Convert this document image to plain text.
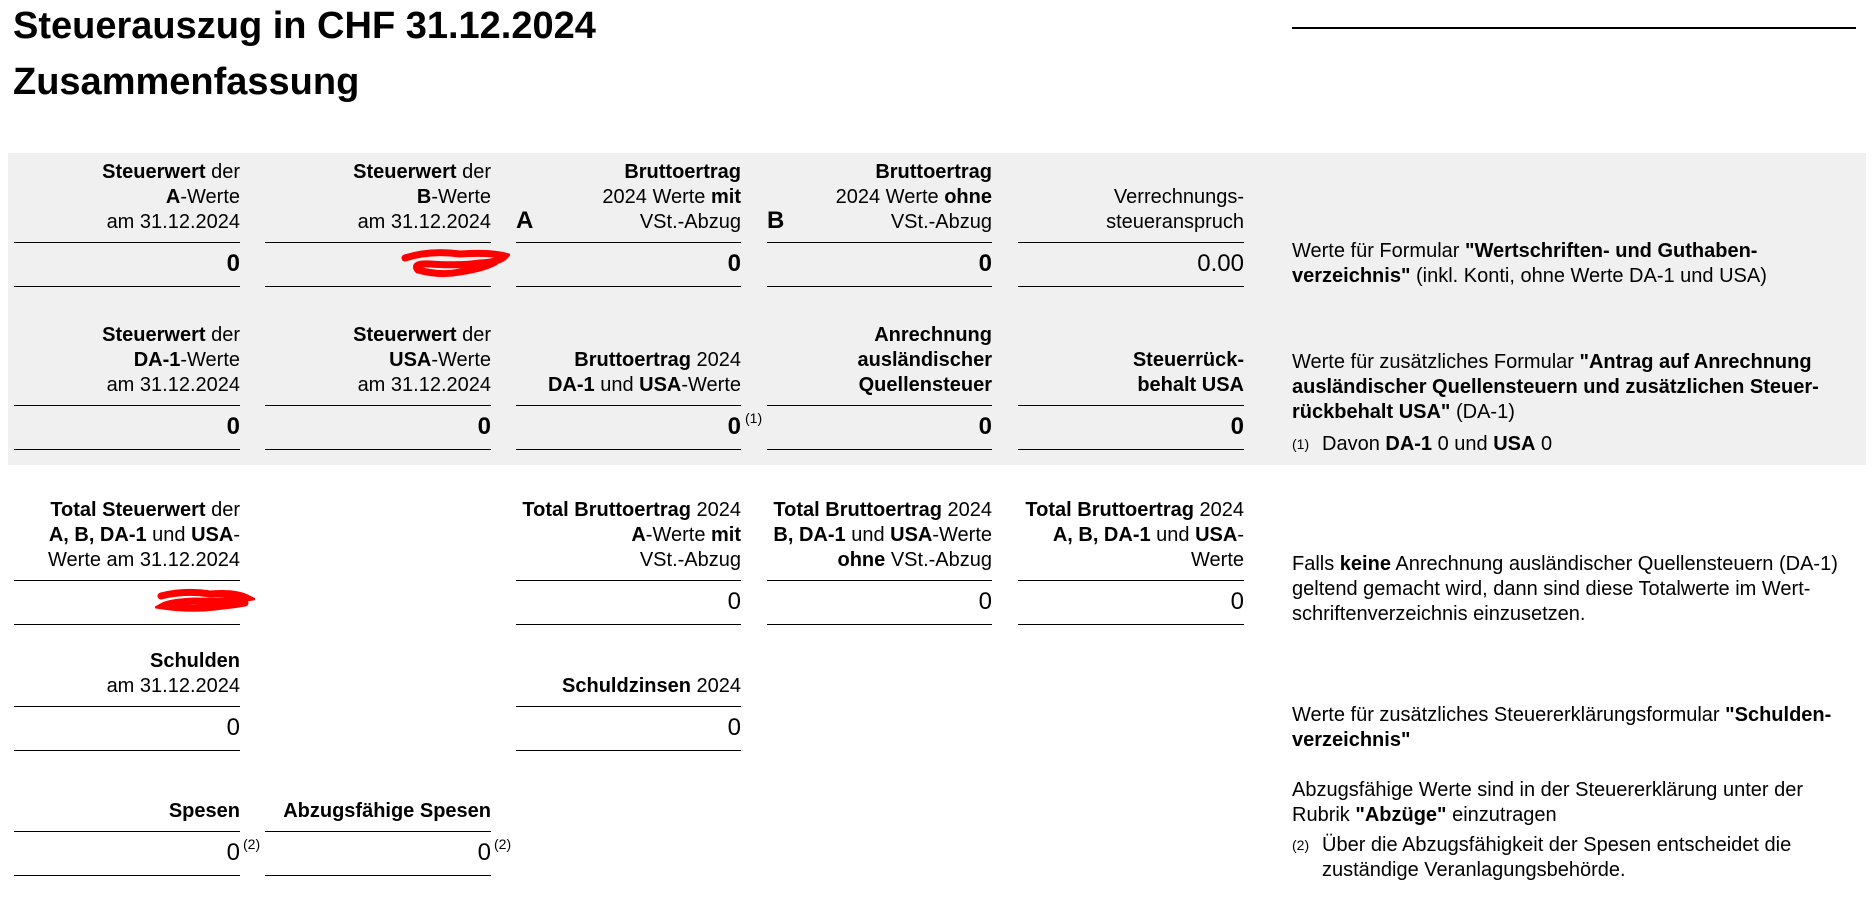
Steuerauszug in CHF 31.12.2024
Zusammenfassung
Steuerwert der
A-Werte
am 31.12.2024
0
Steuerwert der
B-Werte
am 31.12.2024 A
Bruttoertrag
2024 Werte mit
VSt.-Abzug
0
B
Bruttoertrag
2024 Werte ohne
VSt.-Abzug
0
Verrechnungs-
steueranspruch
0.00 Werte für Formular "Wertschriften- und Guthaben-verzeichnis" (inkl. Konti, ohne Werte DA-1 und USA)
Steuerwert der
DA-1-Werte
am 31.12.2024
0
Steuerwert der
USA-Werte
am 31.12.2024
0
Bruttoertrag 2024
DA-1 und USA-Werte
0 (1)
Anrechnung
ausländischer
Quellensteuer
0
Steuerrück-
behalt USA
0
Werte für zusätzliches Formular "Antrag auf Anrechnung ausländischer Quellensteuern und zusätzlichen Steuer-rückbehalt USA" (DA-1)
(1) Davon DA-1 0 und USA 0
Total Steuerwert der
A, B, DA-1 und USA-
Werte am 31.12.2024
Total Bruttoertrag 2024
A-Werte mit
VSt.-Abzug
0
Total Bruttoertrag 2024
B, DA-1 und USA-Werte
ohne VSt.-Abzug
0
Total Bruttoertrag 2024
A, B, DA-1 und USA-
Werte
0
Falls keine Anrechnung ausländischer Quellensteuern (DA-1) geltend gemacht wird, dann sind diese Totalwerte im Wert-schriftenverzeichnis einzusetzen.
Schulden
am 31.12.2024
0
Schuldzinsen 2024
0	Werte für zusätzliches Steuererklärungsformular "Schulden-verzeichnis"
Spesen
0 (2)
Abzugsfähige Spesen
0 (2)
Abzugsfähige Werte sind in der Steuererklärung unter der Rubrik "Abzüge" einzutragen
(2) Über die Abzugsfähigkeit der Spesen entscheidet die zuständige Veranlagungsbehörde.
